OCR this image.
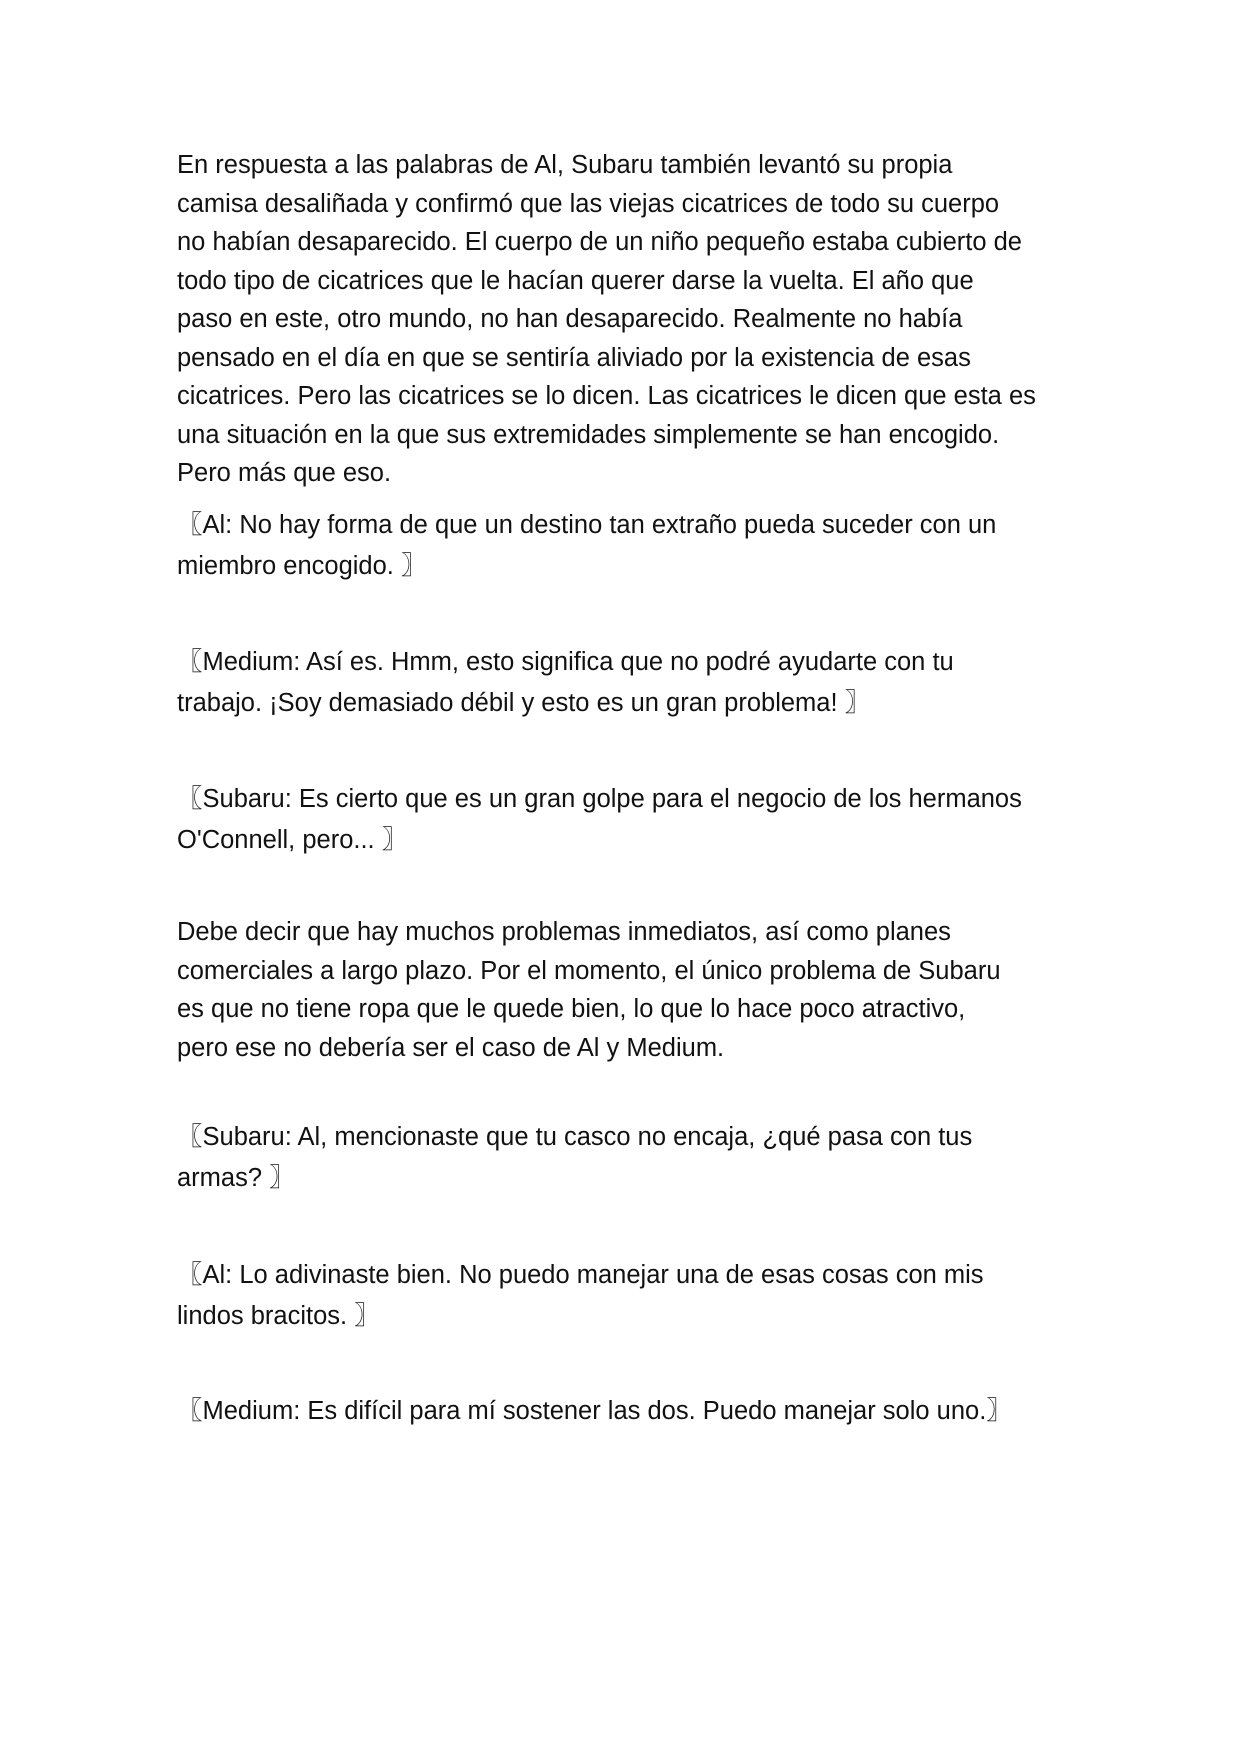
En respuesta a las palabras de Al, Subaru también levantó su propia
camisa desaliñada y confirmó que las viejas cicatrices de todo su cuerpo
no habían desaparecido. El cuerpo de un niño pequeño estaba cubierto de
todo tipo de cicatrices que le hacían querer darse la vuelta. El año que
paso en este, otro mundo, no han desaparecido. Realmente no había
pensado en el día en que se sentiría aliviado por la existencia de esas
cicatrices. Pero las cicatrices se lo dicen. Las cicatrices le dicen que esta es
una situación en la que sus extremidades simplemente se han encogido.
Pero más que eso.

〖Al: No hay forma de que un destino tan extraño pueda suceder con un
miembro encogido. 〗

〖Medium: Así es. Hmm, esto significa que no podré ayudarte con tu
trabajo. ¡Soy demasiado débil y esto es un gran problema! 〗

〖Subaru: Es cierto que es un gran golpe para el negocio de los hermanos
O'Connell, pero... 〗

Debe decir que hay muchos problemas inmediatos, así como planes
comerciales a largo plazo. Por el momento, el único problema de Subaru
es que no tiene ropa que le quede bien, lo que lo hace poco atractivo,
pero ese no debería ser el caso de Al y Medium.

〖Subaru: Al, mencionaste que tu casco no encaja, ¿qué pasa con tus
armas? 〗

〖Al: Lo adivinaste bien. No puedo manejar una de esas cosas con mis
lindos bracitos. 〗

〖Medium: Es difícil para mí sostener las dos. Puedo manejar solo uno.〗
